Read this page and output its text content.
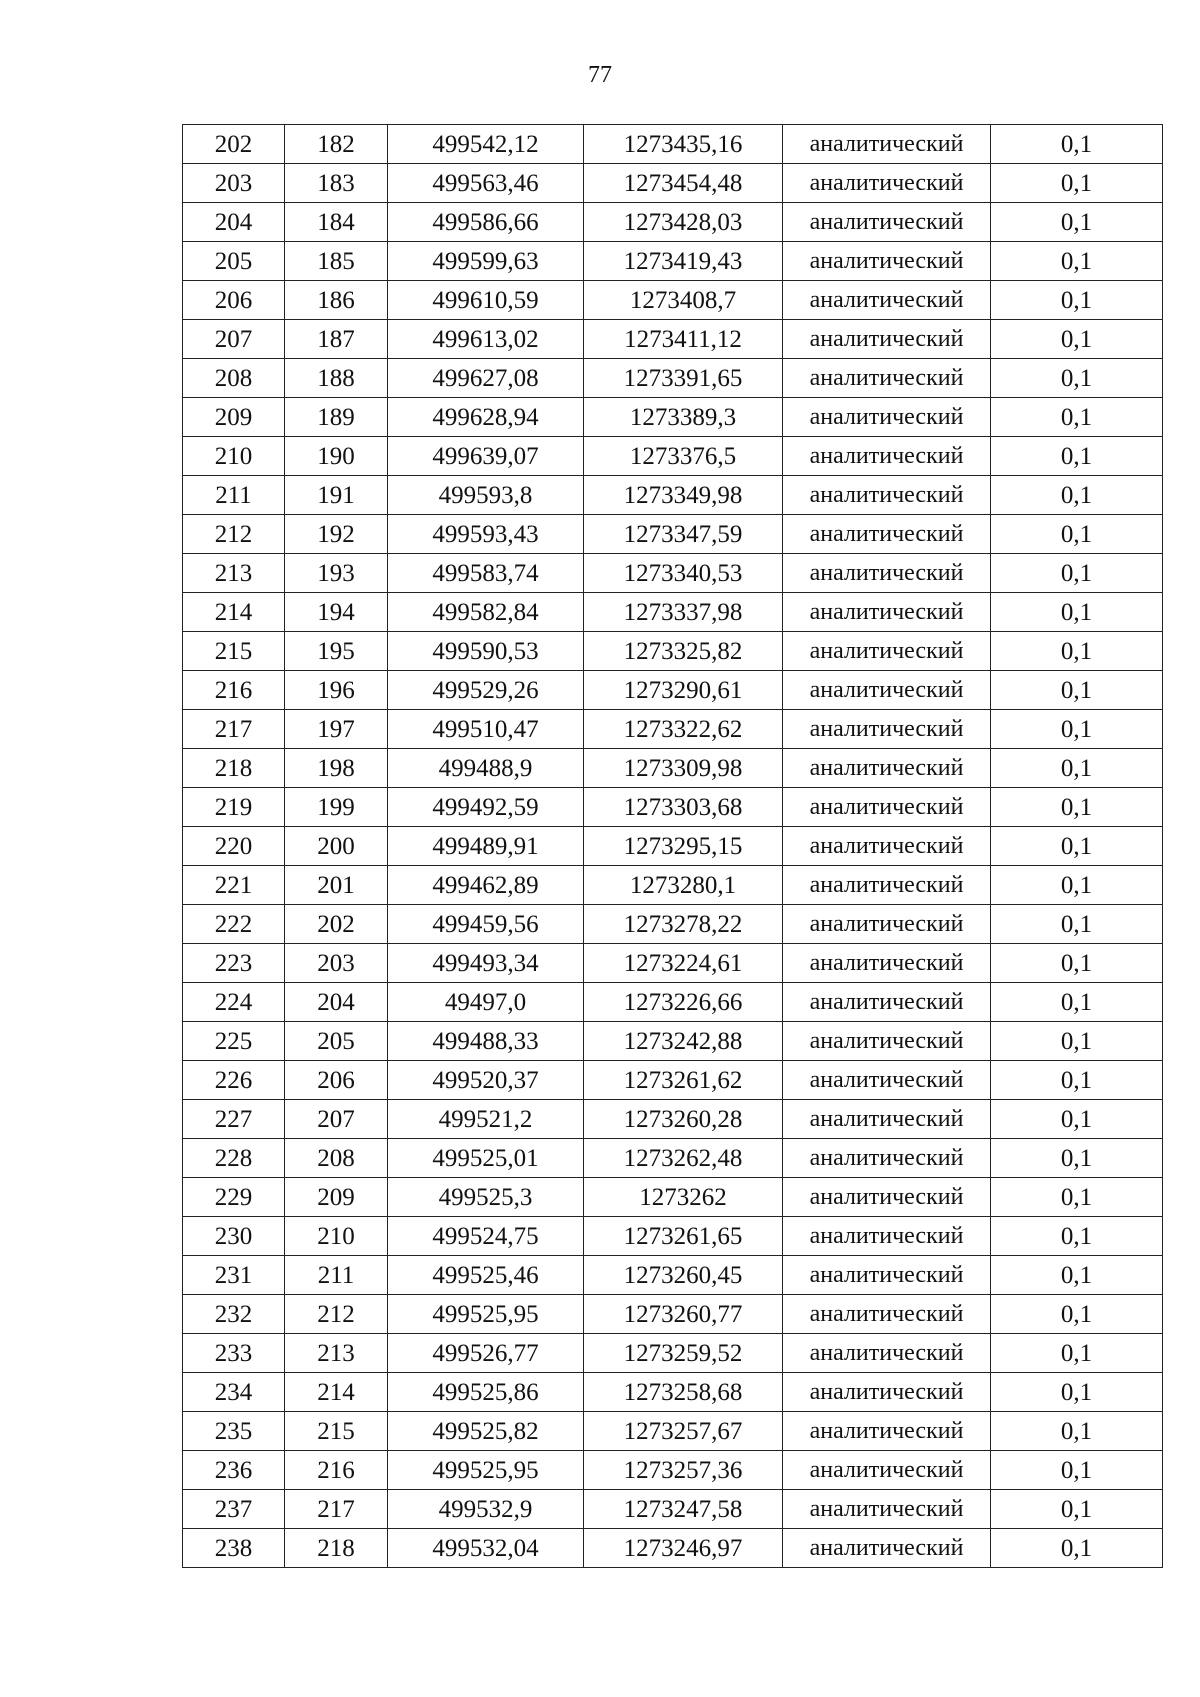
77
202	182	499542,12	1273435,16	аналитический	0,1
203	183	499563,46	1273454,48	аналитический	0,1
204	184	499586,66	1273428,03	аналитический	0,1
205	185	499599,63	1273419,43	аналитический	0,1
206	186	499610,59	1273408,7	аналитический	0,1
207	187	499613,02	1273411,12	аналитический	0,1
208	188	499627,08	1273391,65	аналитический	0,1
209	189	499628,94	1273389,3	аналитический	0,1
210	190	499639,07	1273376,5	аналитический	0,1
211	191	499593,8	1273349,98	аналитический	0,1
212	192	499593,43	1273347,59	аналитический	0,1
213	193	499583,74	1273340,53	аналитический	0,1
214	194	499582,84	1273337,98	аналитический	0,1
215	195	499590,53	1273325,82	аналитический	0,1
216	196	499529,26	1273290,61	аналитический	0,1
217	197	499510,47	1273322,62	аналитический	0,1
218	198	499488,9	1273309,98	аналитический	0,1
219	199	499492,59	1273303,68	аналитический	0,1
220	200	499489,91	1273295,15	аналитический	0,1
221	201	499462,89	1273280,1	аналитический	0,1
222	202	499459,56	1273278,22	аналитический	0,1
223	203	499493,34	1273224,61	аналитический	0,1
224	204	49497,0	1273226,66	аналитический	0,1
225	205	499488,33	1273242,88	аналитический	0,1
226	206	499520,37	1273261,62	аналитический	0,1
227	207	499521,2	1273260,28	аналитический	0,1
228	208	499525,01	1273262,48	аналитический	0,1
229	209	499525,3	1273262	аналитический	0,1
230	210	499524,75	1273261,65	аналитический	0,1
231	211	499525,46	1273260,45	аналитический	0,1
232	212	499525,95	1273260,77	аналитический	0,1
233	213	499526,77	1273259,52	аналитический	0,1
234	214	499525,86	1273258,68	аналитический	0,1
235	215	499525,82	1273257,67	аналитический	0,1
236	216	499525,95	1273257,36	аналитический	0,1
237	217	499532,9	1273247,58	аналитический	0,1
238	218	499532,04	1273246,97	аналитический	0,1
